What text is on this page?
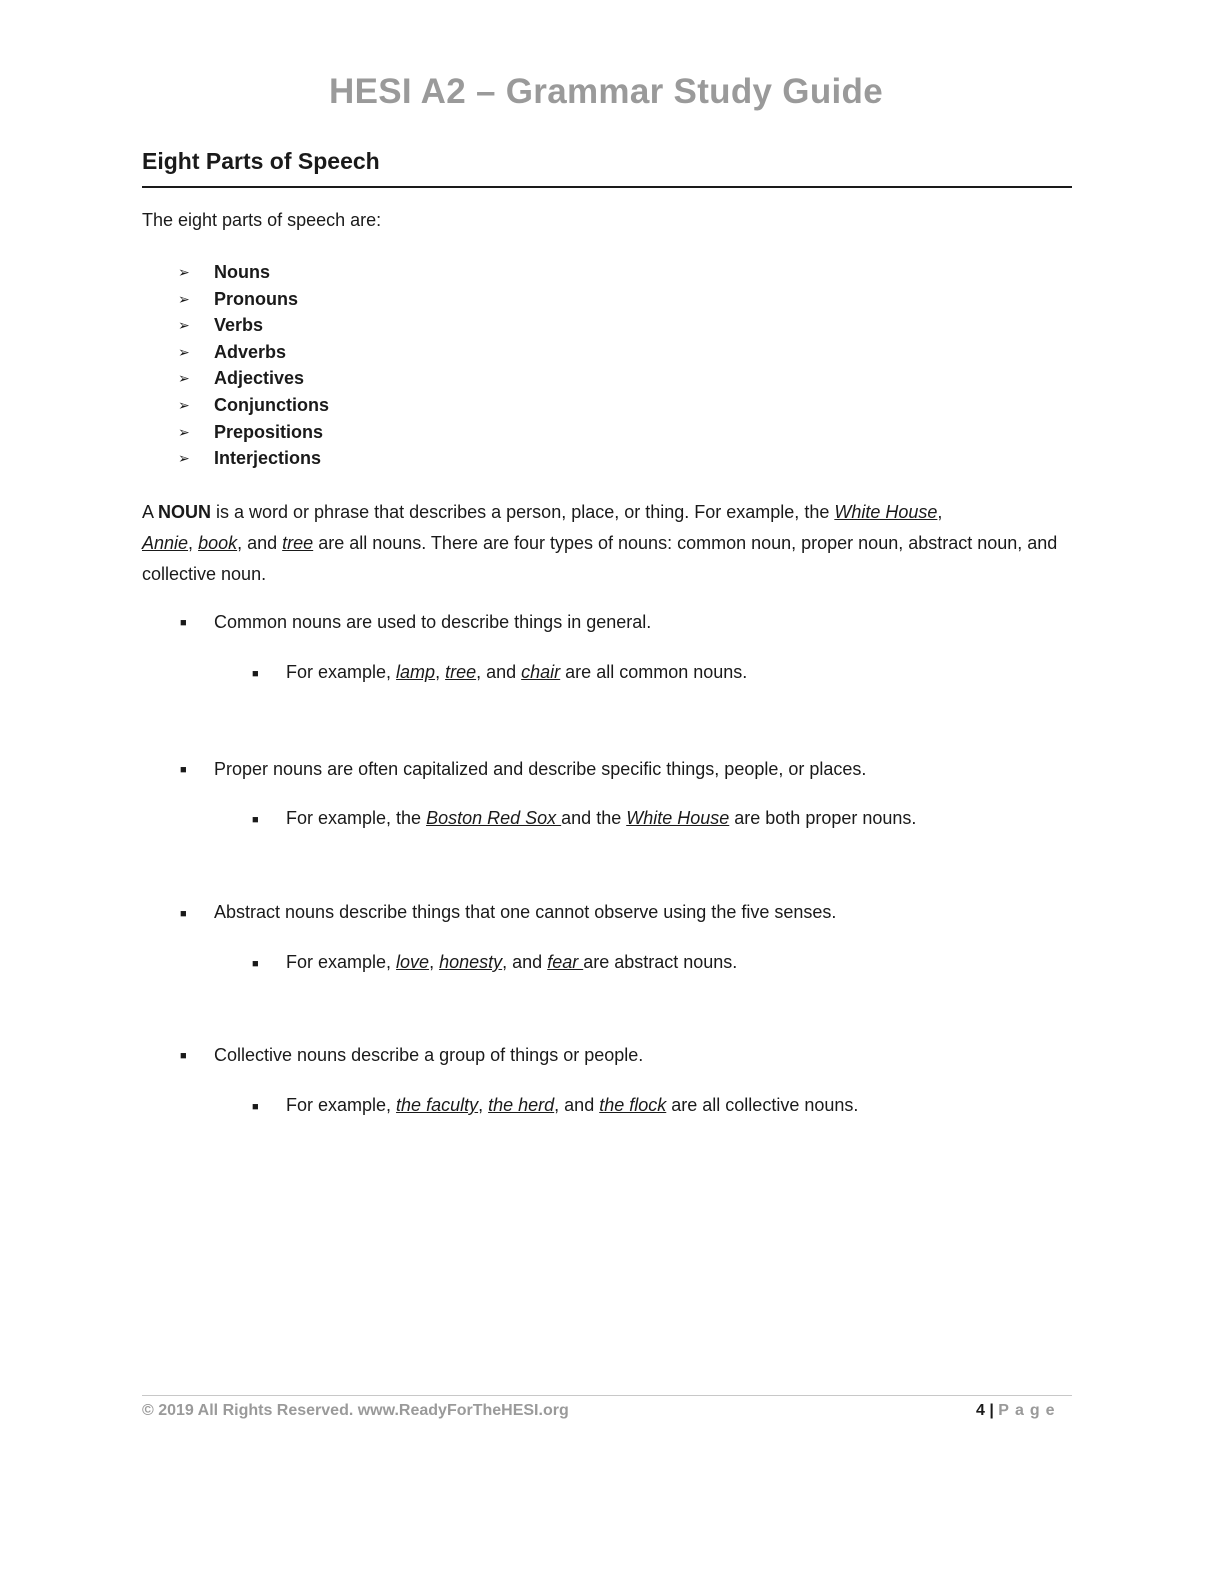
HESI A2 – Grammar Study Guide
Eight Parts of Speech
The eight parts of speech are:
➢ Nouns
➢ Pronouns
➢ Verbs
➢ Adverbs
➢ Adjectives
➢ Conjunctions
➢ Prepositions
➢ Interjections

A NOUN is a word or phrase that describes a person, place, or thing. For example, the White House,
Annie, book, and tree are all nouns. There are four types of nouns: common noun, proper noun, abstract noun, and collective noun.

■ Common nouns are used to describe things in general.
■ For example, lamp, tree, and chair are all common nouns.
■ Proper nouns are often capitalized and describe specific things, people, or places.
■ For example, the Boston Red Sox and the White House are both proper nouns.
■ Abstract nouns describe things that one cannot observe using the five senses.
■ For example, love, honesty, and fear are abstract nouns.
■ Collective nouns describe a group of things or people.
■ For example, the faculty, the herd, and the flock are all collective nouns.
© 2019 All Rights Reserved. www.ReadyForTheHESI.org	4 | Page
